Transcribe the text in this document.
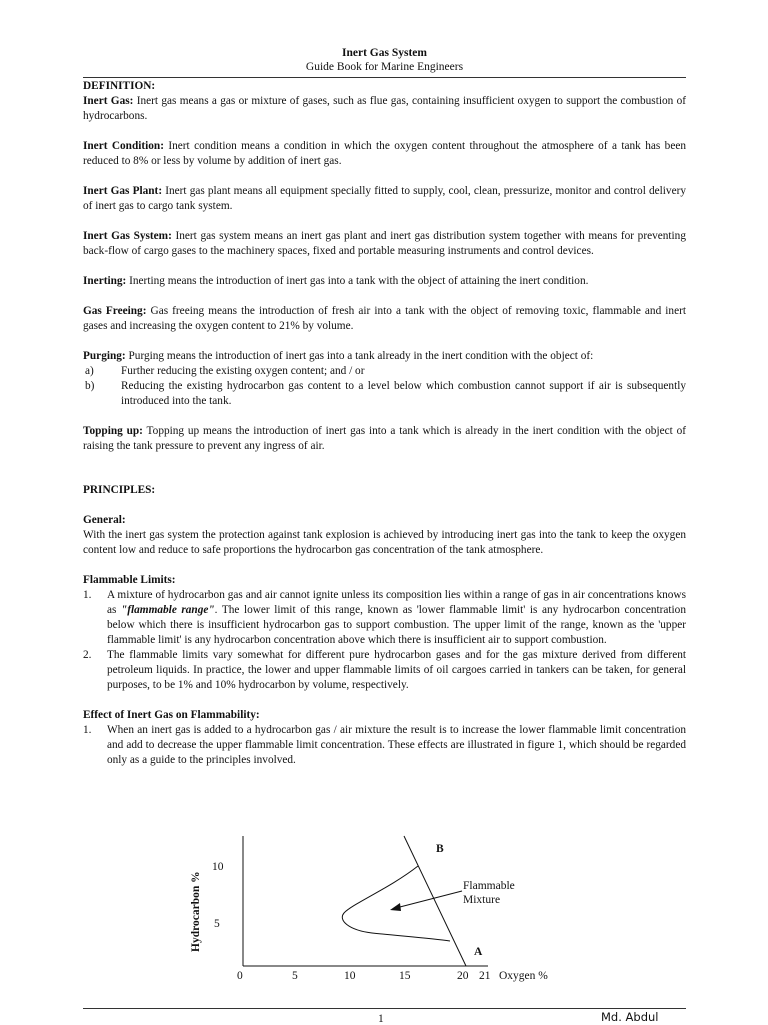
Inert Gas System
Guide Book for Marine Engineers
DEFINITION:

Inert Gas: Inert gas means a gas or mixture of gases, such as flue gas, containing insufficient oxygen to support the combustion of hydrocarbons.

Inert Condition: Inert condition means a condition in which the oxygen content throughout the atmosphere of a tank has been reduced to 8% or less by volume by addition of inert gas.

Inert Gas Plant: Inert gas plant means all equipment specially fitted to supply, cool, clean, pressurize, monitor and control delivery of inert gas to cargo tank system.

Inert Gas System: Inert gas system means an inert gas plant and inert gas distribution system together with means for preventing back-flow of cargo gases to the machinery spaces, fixed and portable measuring instruments and control devices.

Inerting: Inerting means the introduction of inert gas into a tank with the object of attaining the inert condition.

Gas Freeing: Gas freeing means the introduction of fresh air into a tank with the object of removing toxic, flammable and inert gases and increasing the oxygen content to 21% by volume.

Purging: Purging means the introduction of inert gas into a tank already in the inert condition with the object of:

a) Further reducing the existing oxygen content; and / or
b) Reducing the existing hydrocarbon gas content to a level below which combustion cannot support if air is subsequently introduced into the tank.

Topping up: Topping up means the introduction of inert gas into a tank which is already in the inert condition with the object of raising the tank pressure to prevent any ingress of air.

PRINCIPLES:
General:

With the inert gas system the protection against tank explosion is achieved by introducing inert gas into the tank to keep the oxygen content low and reduce to safe proportions the hydrocarbon gas concentration of the tank atmosphere.

Flammable Limits:
1. A mixture of hydrocarbon gas and air cannot ignite unless its composition lies within a range of gas in air concentrations knows as "flammable range". The lower limit of this range, known as 'lower flammable limit' is any hydrocarbon concentration below which there is insufficient hydrocarbon gas to support combustion. The upper limit of the range, known as the 'upper flammable limit' is any hydrocarbon concentration above which there is insufficient air to support combustion.
2. The flammable limits vary somewhat for different pure hydrocarbon gases and for the gas mixture derived from different petroleum liquids. In practice, the lower and upper flammable limits of oil cargoes carried in tankers can be taken, for general purposes, to be 1% and 10% hydrocarbon by volume, respectively.
Effect of Inert Gas on Flammability:
1. When an inert gas is added to a hydrocarbon gas / air mixture the result is to increase the lower flammable limit concentration and add to decrease the upper flammable limit concentration. These effects are illustrated in figure 1, which should be regarded only as a guide to the principles involved.
B
A
Flammable
Mixture
10
5
Hydrocarbon %
0	5	10	15	20 21 Oxygen %
1	Md. Abdul
